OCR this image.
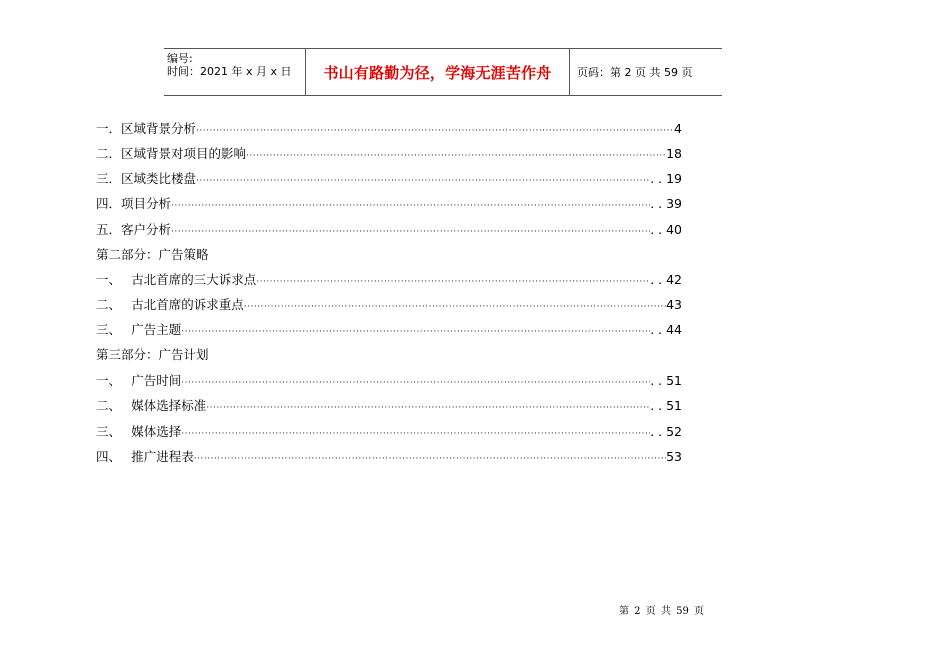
编号:
时间：2021 年 x 月 x 日	书山有路勤为径，学海无涯苦作舟 页码：第 2 页 共 59 页
一．区域背景分析 ·····	4
二．区域背景对项目的影响 ·····	18
三．区域类比楼盘 ·····	. . 19
四．项目分析 ·····	. . 39
五．客户分析 ·····	. . 40
第二部分：广告策略
一、　 古北首席的三大诉求点 ·····	. . 42
二、　 古北首席的诉求重点 ·····	43
三、　 广告主题 ·····	. . 44
第三部分：广告计划
一、　 广告时间 ·····	. . 51
二、　 媒体选择标准 ·····	. . 51
三、　 媒体选择 ·····	. . 52
四、　 推广进程表 ·····	53
第 2 页 共 59 页
